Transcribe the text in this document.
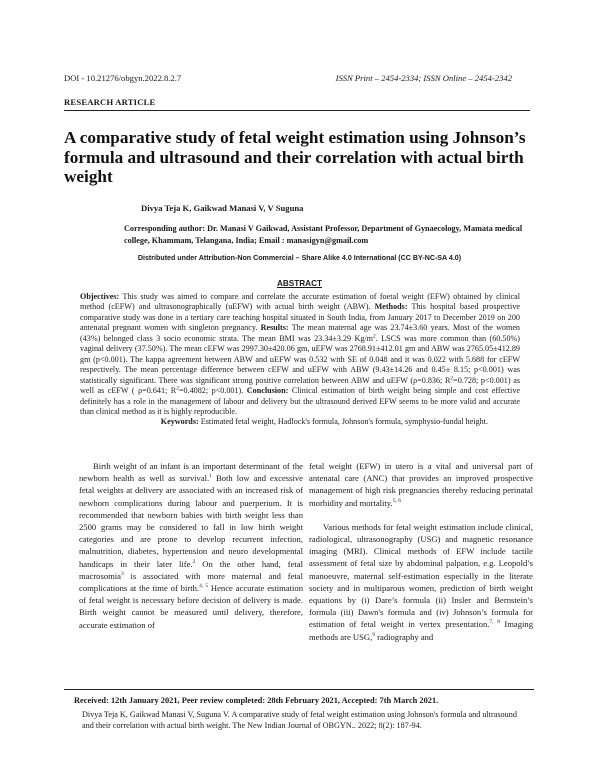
DOI - 10.21276/obgyn.2022.8.2.7	ISSN Print – 2454-2334; ISSN Online – 2454-2342
RESEARCH ARTICLE
A comparative study of fetal weight estimation using Johnson’s formula and ultrasound and their correlation with actual birth weight
Divya Teja K, Gaikwad Manasi V, V Suguna
Corresponding author: Dr. Manasi V Gaikwad, Assistant Professor, Department of Gynaecology, Mamata medical college, Khammam, Telangana, India; Email : manasigyn@gmail.com
Distributed under Attribution-Non Commercial – Share Alike 4.0 International (CC BY-NC-SA 4.0)
ABSTRACT
Objectives: This study was aimed to compare and correlate the accurate estimation of foetal weight (EFW) obtained by clinical method (cEFW) and ultrasonographically (uEFW) with actual birth weight (ABW). Methods: This hospital based prospective comparative study was done in a tertiary care teaching hospital situated in South India, from January 2017 to December 2019 on 200 antenatal pregnant women with singleton pregnancy. Results: The mean maternal age was 23.74±3.60 years. Most of the women (43%) belonged class 3 socio economic strata. The mean BMI was 23.34±3.29 $Kg/m^2$. LSCS was more common than (60.50%) vaginal delivery (37.50%). The mean cEFW was 2997.30±420.06 gm, uEFW was 2768.91±412.01 gm and ABW was 2765.05±412.89 gm (p<0.001). The kappa agreement between ABW and uEFW was 0.532 with SE of 0.048 and it was 0.022 with 5.688 for cEFW respectively. The mean percentage difference between cEFW and uEFW with ABW (9.43±14.26 and 0.45± 8.15; p<0.001) was statistically significant. There was significant strong positive correlation between ABW and uEFW (ρ=0.836; $R^2=0.728$; p<0.001) as well as cEFW ( ρ=0.641; $R^2=0.4082$; p<0.001). Conclusion: Clinical estimation of birth weight being simple and cost effective definitely has a role in the management of labour and delivery but the ultrasound derived EFW seems to be more valid and accurate than clinical method as it is highly reproducible.

Keywords: Estimated fetal weight, Hadlock's formula, Johnson's formula, symphysio-fundal height.

Birth weight of an infant is an important determinant of the newborn health as well as survival.$^1$ Both low and excessive fetal weights at delivery are associated with an increased risk of newborn complications during labour and puerperium. It is recommended that newborn babies with birth weight less than 2500 grams may be considered to fall in low birth weight categories and are prone to develop recurrent infection, malnutrition, diabetes, hypertension and neuro developmental handicaps in their later life.$^2$ On the other hand, fetal macrosomia$^3$ is associated with more maternal and fetal complications at the time of birth.$^{4, 5}$ Hence accurate estimation of fetal weight is necessary before decision of delivery is made. Birth weight cannot be measured until delivery, therefore, accurate estimation of

fetal weight (EFW) in utero is a vital and universal part of antenatal care (ANC) that provides an improved prospective management of high risk pregnancies thereby reducing perinatal morbidity and mortality.$^{5, 6}$

Various methods for fetal weight estimation include clinical, radiological, ultrasonography (USG) and magnetic resonance imaging (MRI). Clinical methods of EFW include tactile assessment of fetal size by abdominal palpation, e.g. Leopold’s manoeuvre, maternal self-estimation especially in the literate society and in multiparous women, prediction of birth weight equations by (i) Dare’s formula (ii) Insler and Bernstein’s formula (iii) Dawn's formula and (iv) Johnson’s formula for estimation of fetal weight in vertex presentation.$^{7, 8}$ Imaging methods are USG,$^9$ radiography and

Received: 12th January 2021, Peer review completed: 28th February 2021, Accepted: 7th March 2021.
Divya Teja K, Gaikwad Manasi V, Suguna V. A comparative study of fetal weight estimation using Johnson's formula and ultrasound and their correlation with actual birth weight. The New Indian Journal of OBGYN.. 2022; 8(2): 187-94.
